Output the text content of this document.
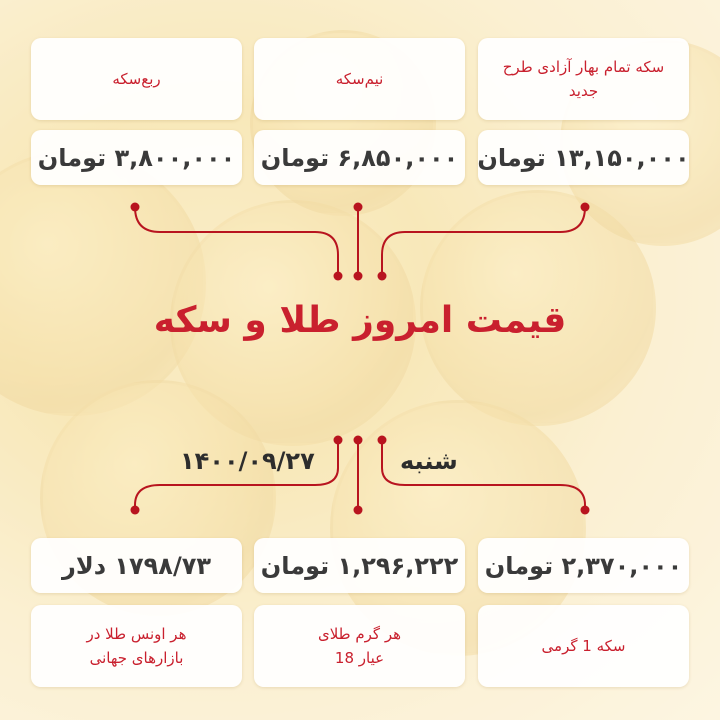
ربع‌سکه	نیم‌سکه
سکه تمام بهار آزادی طرح جدید
۳,۸۰۰,۰۰۰ تومان ۶,۸۵۰,۰۰۰ تومان ۱۳,۱۵۰,۰۰۰ تومان
قیمت امروز طلا و سکه
۱۴۰۰/۰۹/۲۷	شنبه
۱۷۹۸/۷۳ دلار	۱,۲۹۶,۲۲۲ تومان ۲,۳۷۰,۰۰۰ تومان
هر اونس طلا در بازارهای جهانی
هر گرم طلای عیار 18
سکه 1 گرمی
